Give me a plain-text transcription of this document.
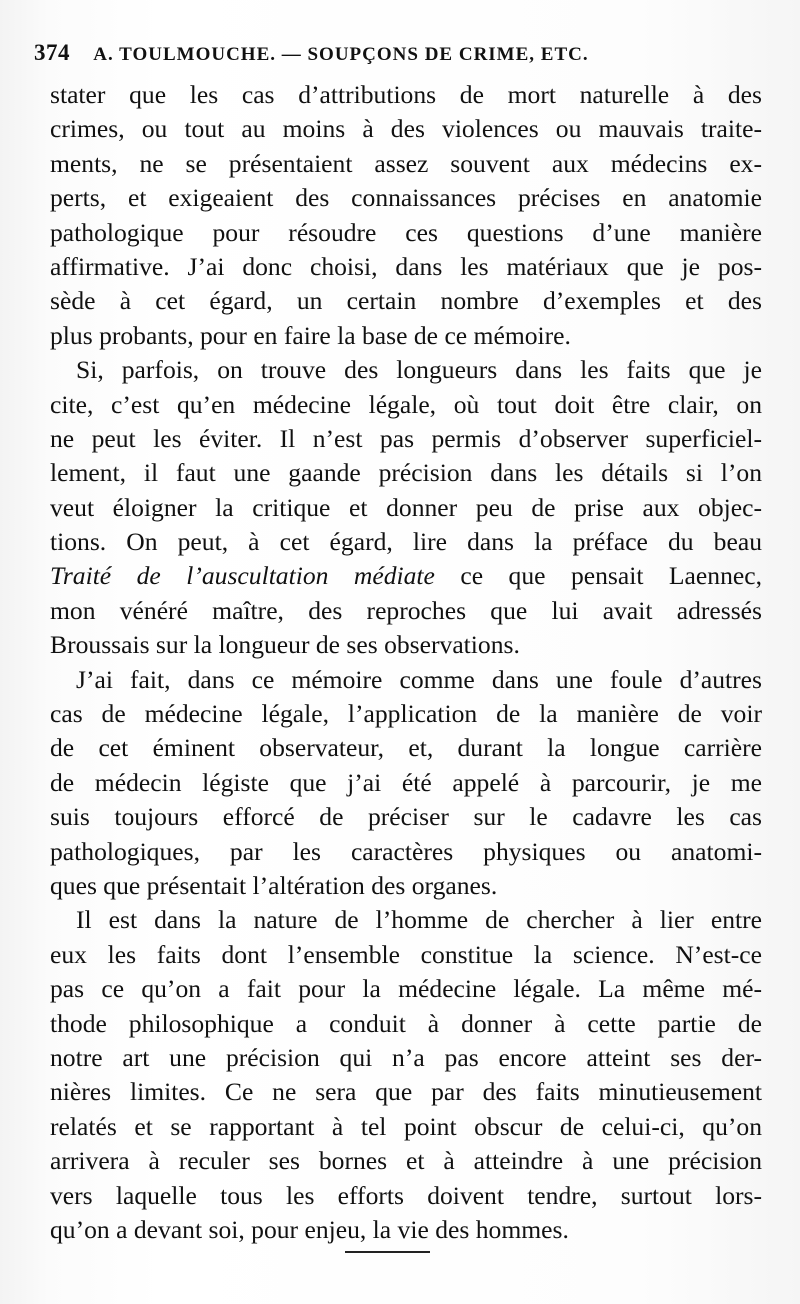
374 A. TOULMOUCHE. — SOUPÇONS DE CRIME, ETC.

stater que les cas d’attributions de mort naturelle à des
crimes, ou tout au moins à des violences ou mauvais traite-
ments, ne se présentaient assez souvent aux médecins ex-
perts, et exigeaient des connaissances précises en anatomie
pathologique pour résoudre ces questions d’une manière
affirmative. J’ai donc choisi, dans les matériaux que je pos-
sède à cet égard, un certain nombre d’exemples et des
plus probants, pour en faire la base de ce mémoire.

Si, parfois, on trouve des longueurs dans les faits que je
cite, c’est qu’en médecine légale, où tout doit être clair, on
ne peut les éviter. Il n’est pas permis d’observer superficiel-
lement, il faut une gaande précision dans les détails si l’on
veut éloigner la critique et donner peu de prise aux objec-
tions. On peut, à cet égard, lire dans la préface du beau
Traité de l’auscultation médiate ce que pensait Laennec,
mon vénéré maître, des reproches que lui avait adressés
Broussais sur la longueur de ses observations.

J’ai fait, dans ce mémoire comme dans une foule d’autres
cas de médecine légale, l’application de la manière de voir
de cet éminent observateur, et, durant la longue carrière
de médecin légiste que j’ai été appelé à parcourir, je me
suis toujours efforcé de préciser sur le cadavre les cas
pathologiques, par les caractères physiques ou anatomi-
ques que présentait l’altération des organes.

Il est dans la nature de l’homme de chercher à lier entre
eux les faits dont l’ensemble constitue la science. N’est-ce
pas ce qu’on a fait pour la médecine légale. La même mé-
thode philosophique a conduit à donner à cette partie de
notre art une précision qui n’a pas encore atteint ses der-
nières limites. Ce ne sera que par des faits minutieusement
relatés et se rapportant à tel point obscur de celui-ci, qu’on
arrivera à reculer ses bornes et à atteindre à une précision
vers laquelle tous les efforts doivent tendre, surtout lors-
qu’on a devant soi, pour enjeu, la vie des hommes.
